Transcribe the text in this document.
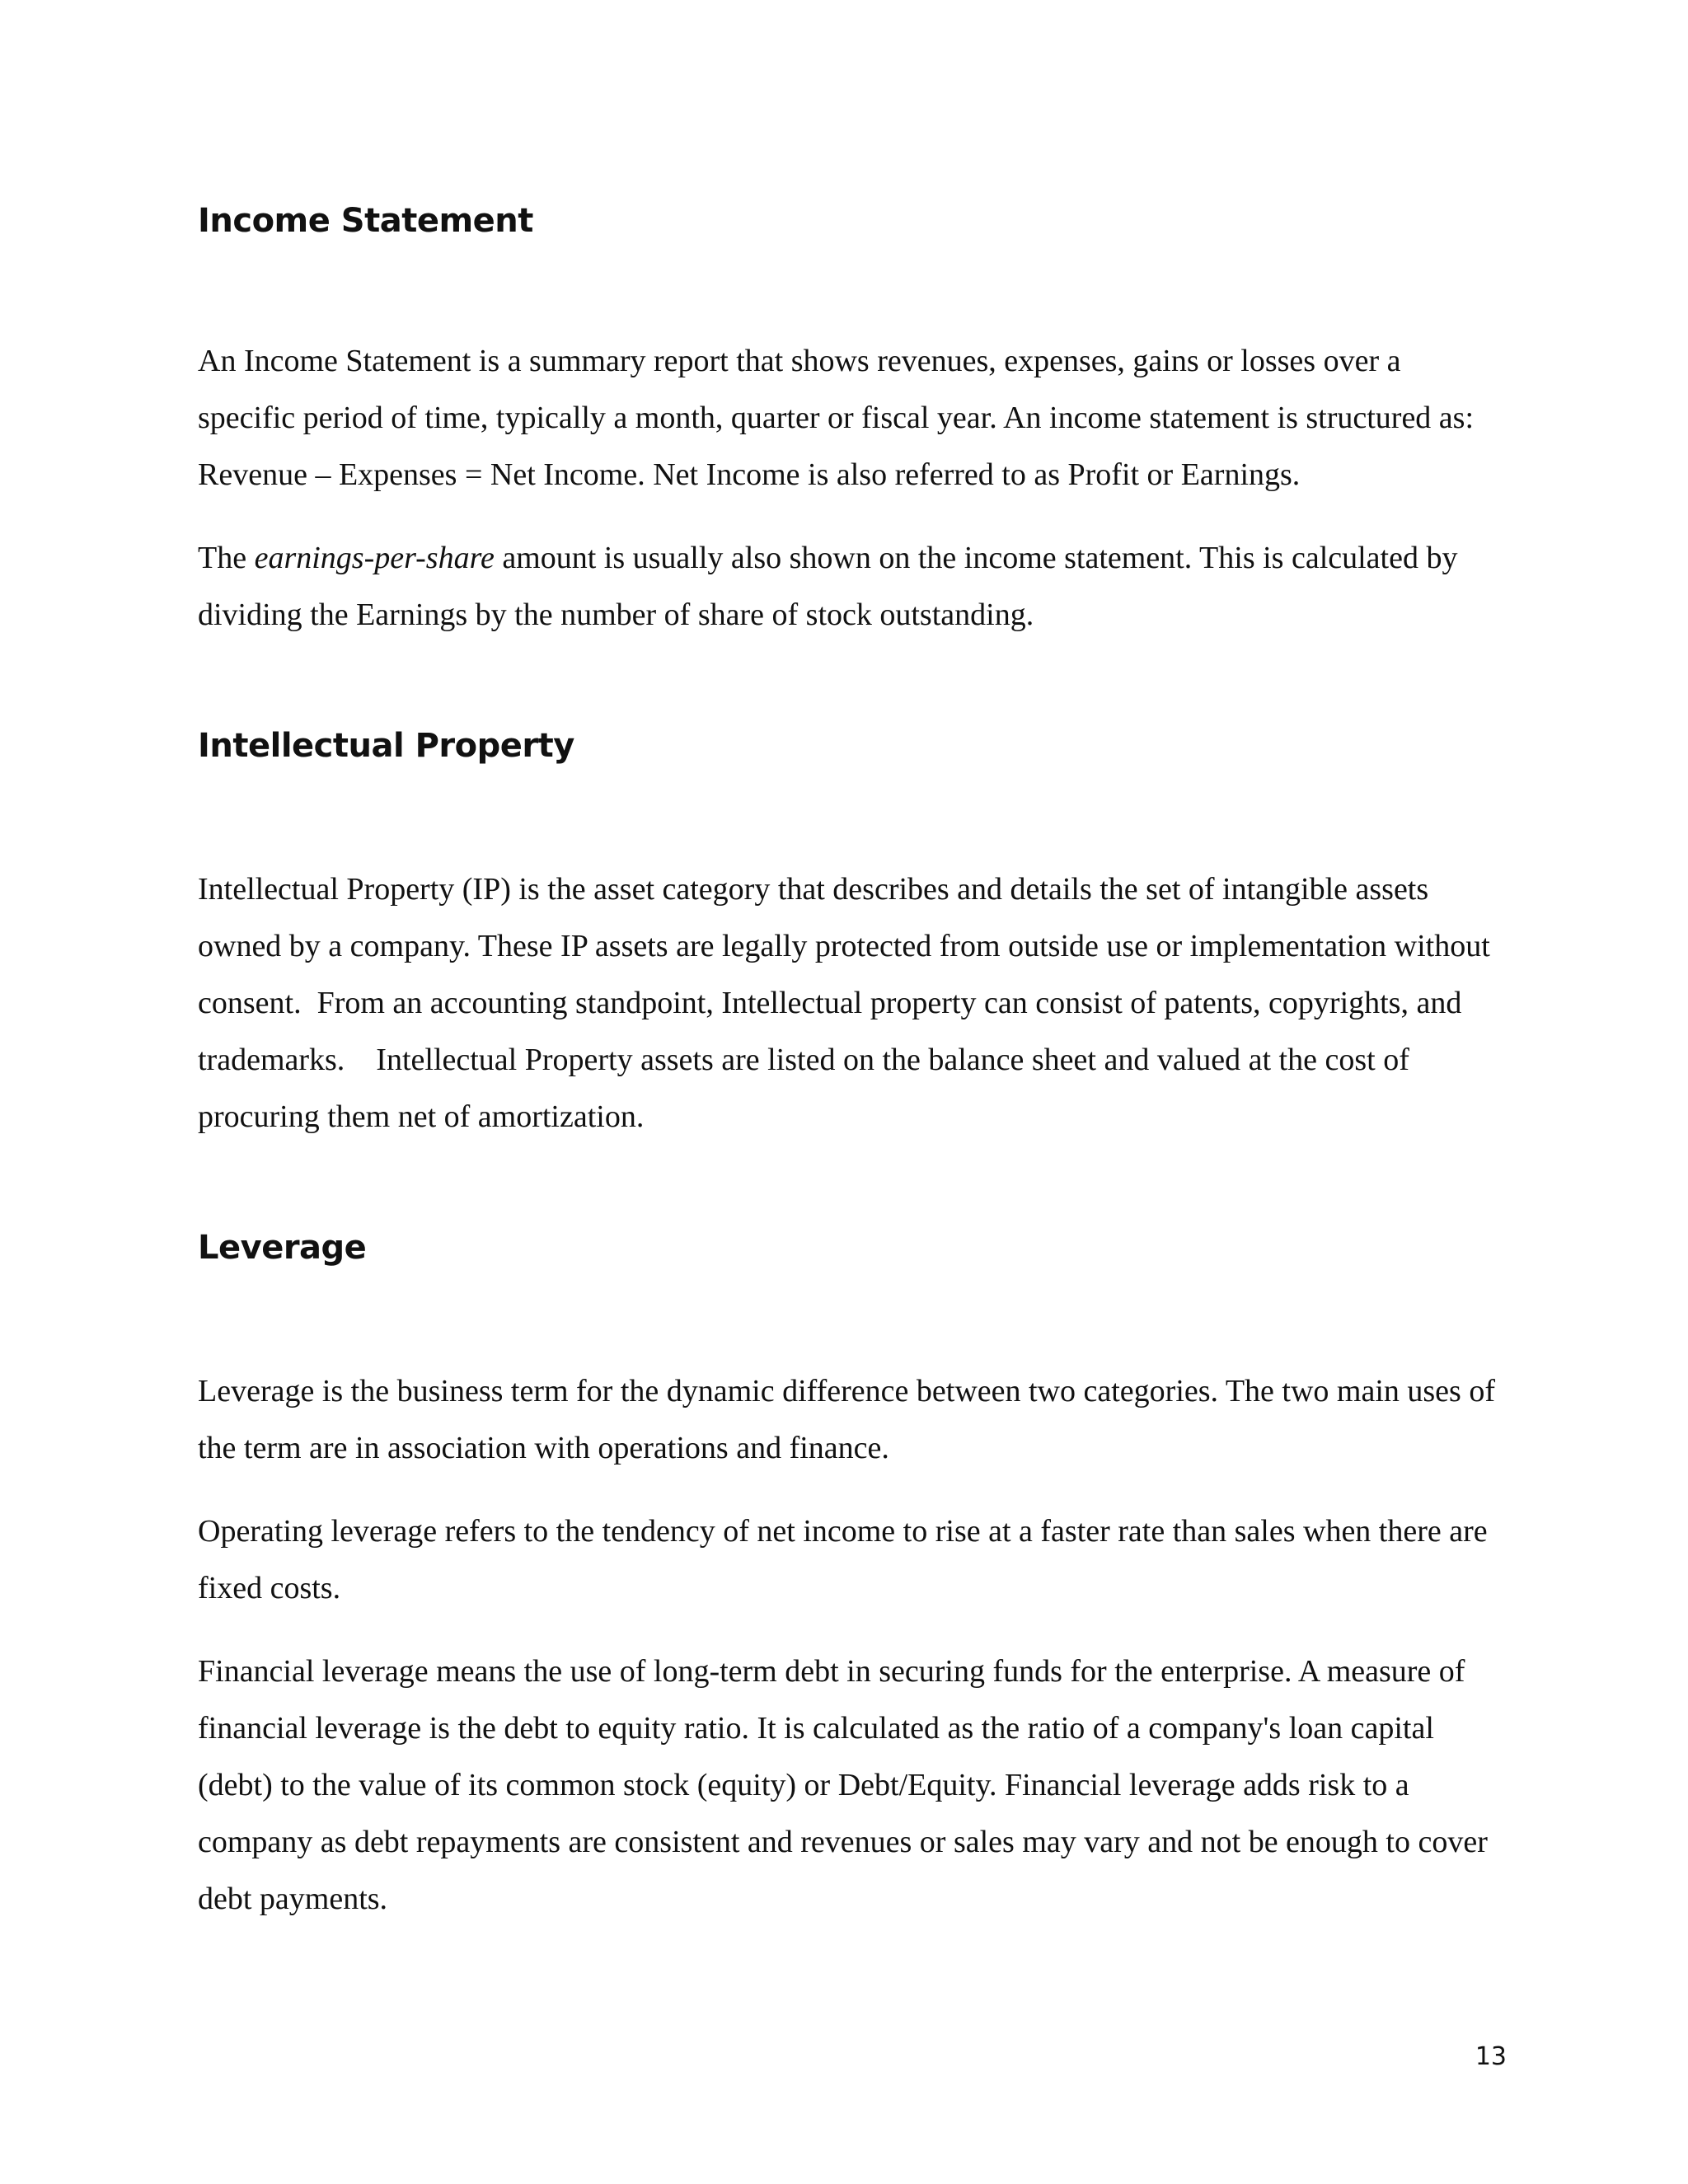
Income Statement

An Income Statement is a summary report that shows revenues, expenses, gains or losses over a specific period of time, typically a month, quarter or fiscal year. An income statement is structured as: Revenue – Expenses = Net Income. Net Income is also referred to as Profit or Earnings.

The earnings-per-share amount is usually also shown on the income statement. This is calculated by dividing the Earnings by the number of share of stock outstanding.

Intellectual Property

Intellectual Property (IP) is the asset category that describes and details the set of intangible assets owned by a company. These IP assets are legally protected from outside use or implementation without consent.  From an accounting standpoint, Intellectual property can consist of patents, copyrights, and trademarks.    Intellectual Property assets are listed on the balance sheet and valued at the cost of procuring them net of amortization.

Leverage

Leverage is the business term for the dynamic difference between two categories. The two main uses of the term are in association with operations and finance.

Operating leverage refers to the tendency of net income to rise at a faster rate than sales when there are fixed costs.

Financial leverage means the use of long-term debt in securing funds for the enterprise. A measure of financial leverage is the debt to equity ratio. It is calculated as the ratio of a company's loan capital (debt) to the value of its common stock (equity) or Debt/Equity. Financial leverage adds risk to a company as debt repayments are consistent and revenues or sales may vary and not be enough to cover debt payments.

13
